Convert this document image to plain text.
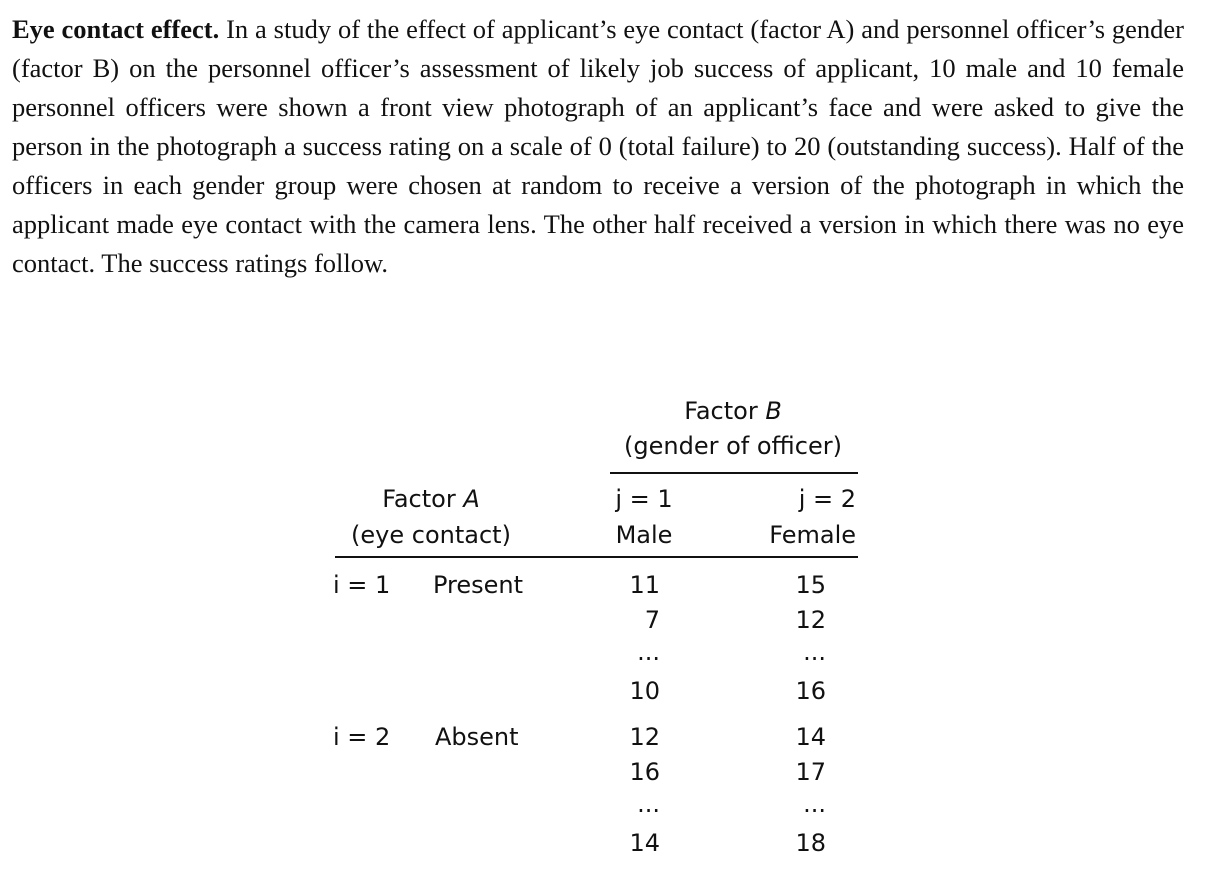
Eye contact effect. In a study of the effect of applicant’s eye contact (factor A) and personnel officer’s gender (factor B) on the personnel officer’s assessment of likely job success of applicant, 10 male and 10 female personnel officers were shown a front view photograph of an applicant’s face and were asked to give the person in the photograph a success rating on a scale of 0 (total failure) to 20 (outstanding success). Half of the officers in each gender group were chosen at random to receive a version of the photograph in which the applicant made eye contact with the camera lens. The other half received a version in which there was no eye contact. The success ratings follow.
Factor B
(gender of officer)
Factor A
(eye contact)
j = 1
Male
j = 2
Female
i = 1 Present	11
7
...
10
15
12
...
16
i = 2 Absent	12
16
...
14
14
17
...
18
